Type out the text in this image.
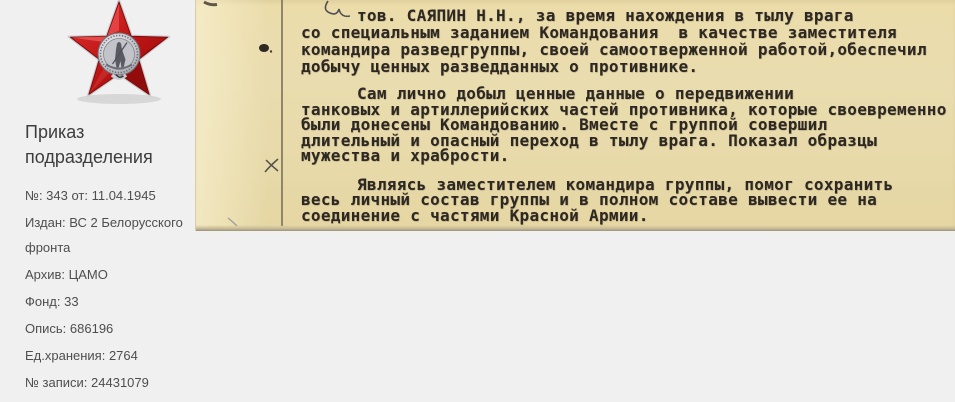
Приказ подразделения
№: 343 от: 11.04.1945
Издан: ВС 2 Белорусского фронта
Архив: ЦАМО
Фонд: 33
Опись: 686196
Ед.хранения: 2764
№ записи: 24431079
тов. САЯПИН Н.Н., за время нахождения в тылу врага
со специальным заданием Командования  в качестве заместителя
командира разведгруппы, своей самоотверженной работой,обеспечил
добычу ценных разведданных о противнике.
Сам лично добыл ценные данные о передвижении
танковых и артиллерийских частей противника, которые своевременно
были донесены Командованию. Вместе с группой совершил
длительный и опасный переход в тылу врага. Показал образцы
мужества и храбрости.
Являясь заместителем командира группы, помог сохранить
весь личный состав группы и в полном составе вывести ее на
соединение с частями Красной Армии.
